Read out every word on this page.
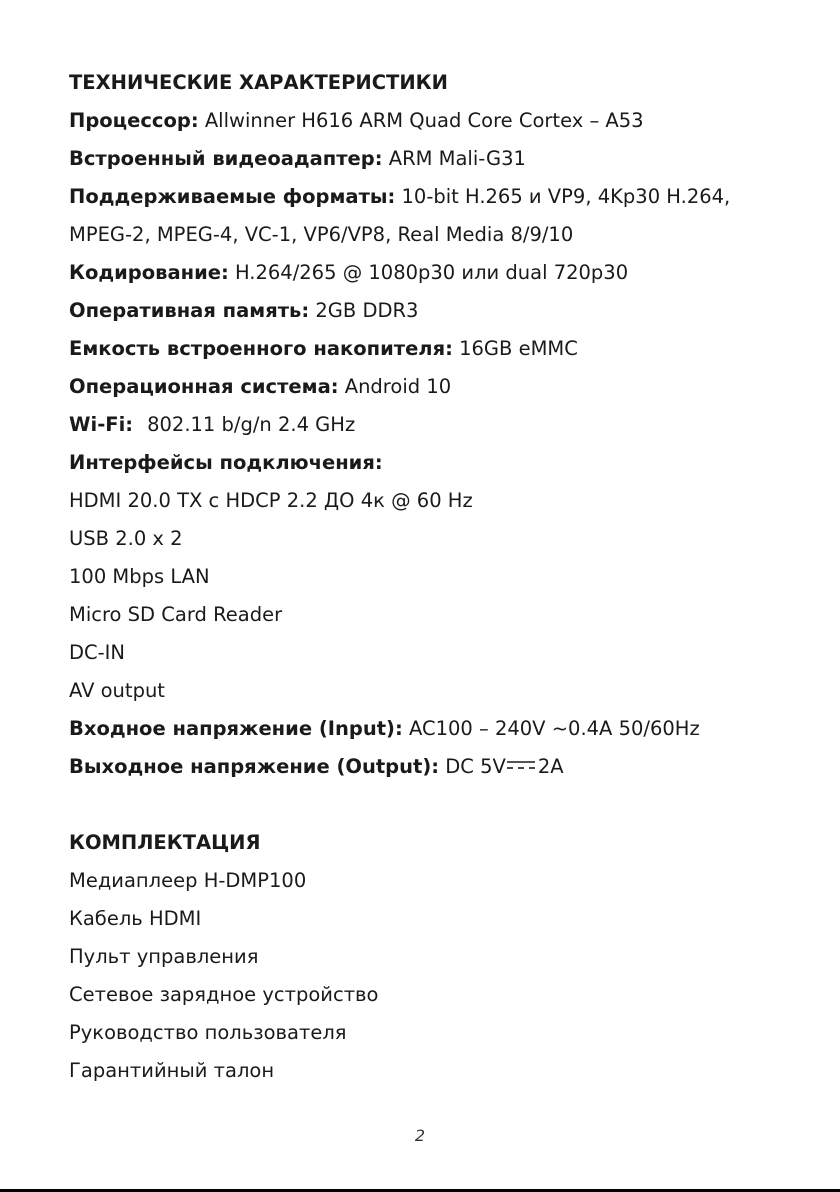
ТЕХНИЧЕСКИЕ ХАРАКТЕРИСТИКИ
Процессор: Allwinner H616 ARM Quad Core Cortex – A53
Встроенный видеоадаптер: ARM Mali-G31
Поддерживаемые форматы: 10-bit H.265 и VP9, 4Kp30 H.264,
MPEG-2, MPEG-4, VC-1, VP6/VP8, Real Media 8/9/10
Кодирование: H.264/265 @ 1080p30 или dual 720p30
Оперативная память: 2GB DDR3
Емкость встроенного накопителя: 16GB eMMC
Операционная система: Android 10
Wi-Fi: 802.11 b/g/n 2.4 GHz
Интерфейсы подключения:
HDMI 20.0 TX с HDCP 2.2 ДО 4к @ 60 Hz
USB 2.0 x 2
100 Mbps LAN
Micro SD Card Reader
DC-IN
AV output
Входное напряжение (Input): AC100 – 240V ~0.4A 50/60Hz
Выходное напряжение (Output): DC 5V 2A
КОМПЛЕКТАЦИЯ
Медиаплеер H-DMP100
Кабель HDMI
Пульт управления
Сетевое зарядное устройство
Руководство пользователя
Гарантийный талон
2
